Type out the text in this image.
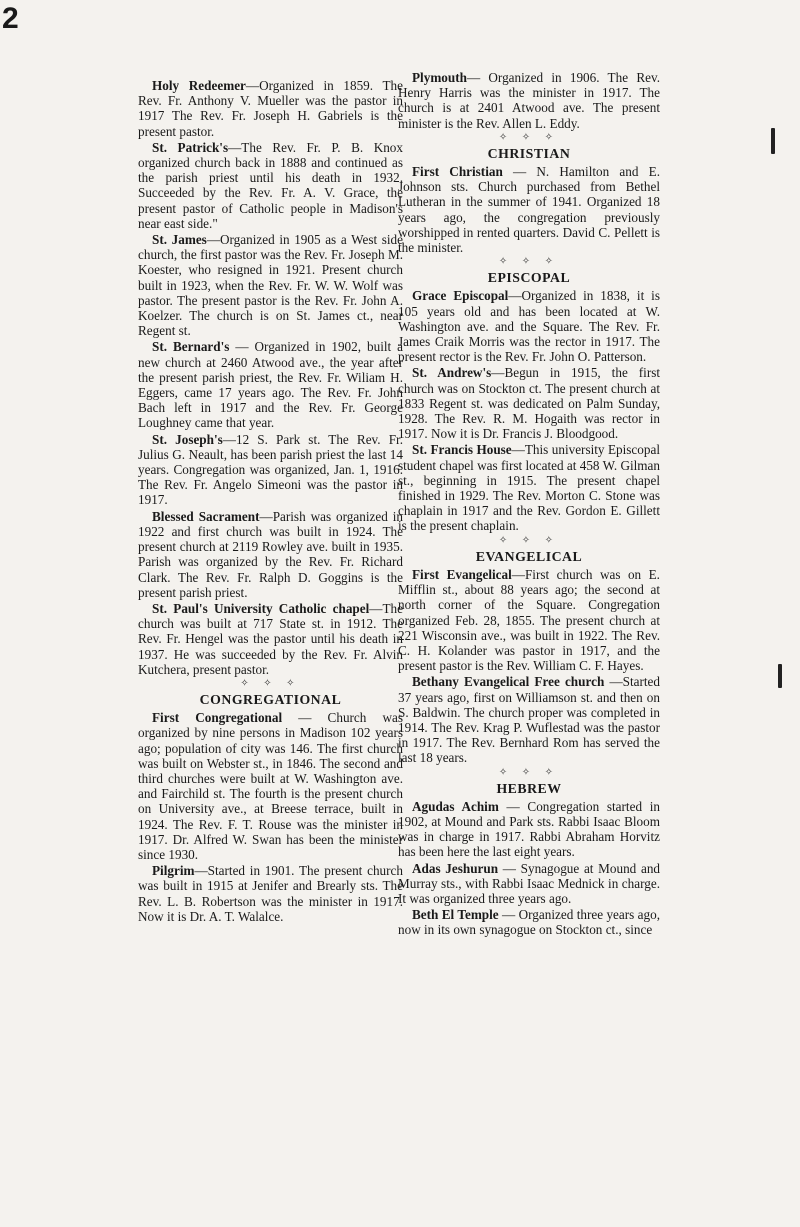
2

Holy Redeemer—Organized in 1859. The Rev. Fr. Anthony V. Mueller was the pastor in 1917 The Rev. Fr. Joseph H. Gabriels is the present pastor.

St. Patrick's—The Rev. Fr. P. B. Knox organized church back in 1888 and continued as the parish priest until his death in 1932. Succeeded by the Rev. Fr. A. V. Grace, the present pastor of Catholic people in Madison's near east side."

St. James—Organized in 1905 as a West side church, the first pastor was the Rev. Fr. Joseph M. Koester, who resigned in 1921. Present church built in 1923, when the Rev. Fr. W. W. Wolf was pastor. The present pastor is the Rev. Fr. John A. Koelzer. The church is on St. James ct., near Regent st.

St. Bernard's — Organized in 1902, built a new church at 2460 Atwood ave., the year after the present parish priest, the Rev. Fr. Wiliam H. Eggers, came 17 years ago. The Rev. Fr. John Bach left in 1917 and the Rev. Fr. George Loughney came that year.

St. Joseph's—12 S. Park st. The Rev. Fr. Julius G. Neault, has been parish priest the last 14 years. Congregation was organized, Jan. 1, 1916. The Rev. Fr. Angelo Simeoni was the pastor in 1917.

Blessed Sacrament—Parish was organized in 1922 and first church was built in 1924. The present church at 2119 Rowley ave. built in 1935. Parish was organized by the Rev. Fr. Richard Clark. The Rev. Fr. Ralph D. Goggins is the present parish priest.

St. Paul's University Catholic chapel—The church was built at 717 State st. in 1912. The Rev. Fr. Hengel was the pastor until his death in 1937. He was succeeded by the Rev. Fr. Alvin Kutchera, present pastor.

✧ ✧ ✧
CONGREGATIONAL

First Congregational — Church was organized by nine persons in Madison 102 years ago; population of city was 146. The first church was built on Webster st., in 1846. The second and third churches were built at W. Washington ave. and Fairchild st. The fourth is the present church on University ave., at Breese terrace, built in 1924. The Rev. F. T. Rouse was the minister in 1917. Dr. Alfred W. Swan has been the minister since 1930.

Pilgrim—Started in 1901. The present church was built in 1915 at Jenifer and Brearly sts. The Rev. L. B. Robertson was the minister in 1917. Now it is Dr. A. T. Walalce.

Plymouth— Organized in 1906. The Rev. Henry Harris was the minister in 1917. The church is at 2401 Atwood ave. The present minister is the Rev. Allen L. Eddy.

✧ ✧ ✧
CHRISTIAN

First Christian — N. Hamilton and E. Johnson sts. Church purchased from Bethel Lutheran in the summer of 1941. Organized 18 years ago, the congregation previously worshipped in rented quarters. David C. Pellett is the minister.

✧ ✧ ✧
EPISCOPAL

Grace Episcopal—Organized in 1838, it is 105 years old and has been located at W. Washington ave. and the Square. The Rev. Fr. James Craik Morris was the rector in 1917. The present rector is the Rev. Fr. John O. Patterson.

St. Andrew's—Begun in 1915, the first church was on Stockton ct. The present church at 1833 Regent st. was dedicated on Palm Sunday, 1928. The Rev. R. M. Hogaith was rector in 1917. Now it is Dr. Francis J. Bloodgood.

St. Francis House—This university Episcopal student chapel was first located at 458 W. Gilman st., beginning in 1915. The present chapel finished in 1929. The Rev. Morton C. Stone was chaplain in 1917 and the Rev. Gordon E. Gillett is the present chaplain.

✧ ✧ ✧
EVANGELICAL

First Evangelical—First church was on E. Mifflin st., about 88 years ago; the second at north corner of the Square. Congregation organized Feb. 28, 1855. The present church at 221 Wisconsin ave., was built in 1922. The Rev. C. H. Kolander was pastor in 1917, and the present pastor is the Rev. William C. F. Hayes.

Bethany Evangelical Free church —Started 37 years ago, first on Williamson st. and then on S. Baldwin. The church proper was completed in 1914. The Rev. Krag P. Wuflestad was the pastor in 1917. The Rev. Bernhard Rom has served the last 18 years.

✧ ✧ ✧
HEBREW

Agudas Achim — Congregation started in 1902, at Mound and Park sts. Rabbi Isaac Bloom was in charge in 1917. Rabbi Abraham Horvitz has been here the last eight years.

Adas Jeshurun — Synagogue at Mound and Murray sts., with Rabbi Isaac Mednick in charge. It was organized three years ago.

Beth El Temple — Organized three years ago, now in its own synagogue on Stockton ct., since
